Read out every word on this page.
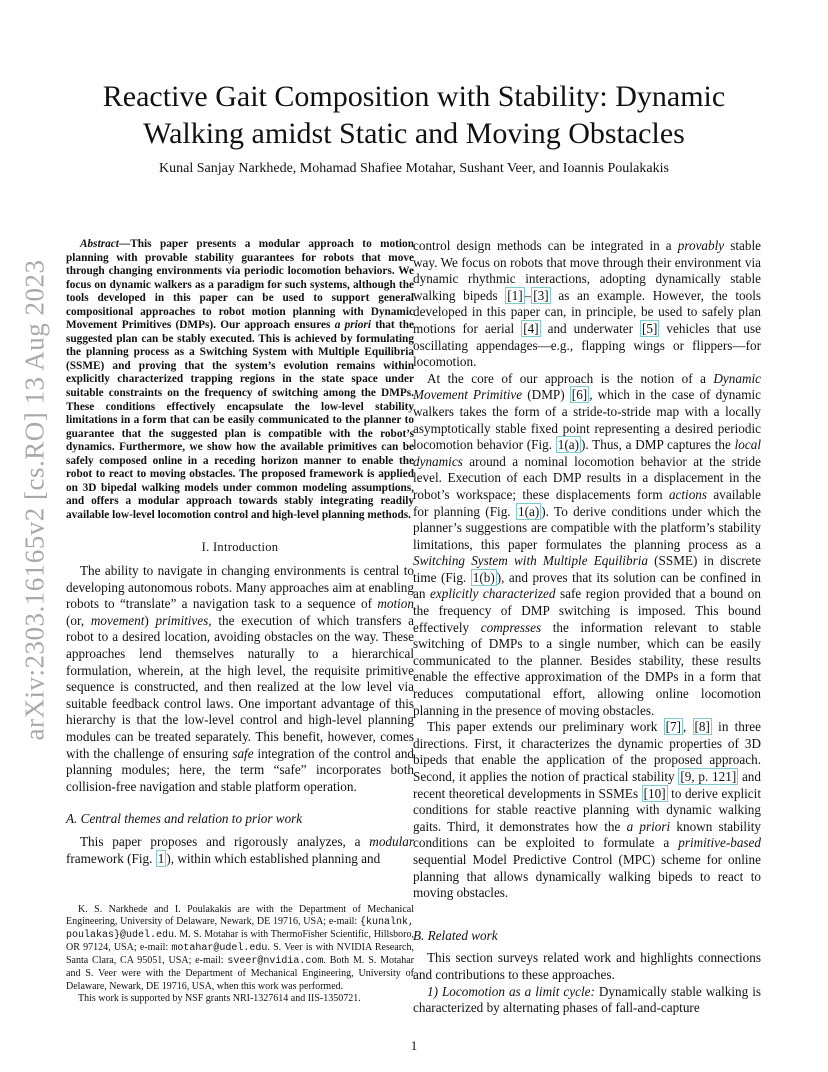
arXiv:2303.16165v2 [cs.RO] 13 Aug 2023
Reactive Gait Composition with Stability: Dynamic Walking amidst Static and Moving Obstacles
Kunal Sanjay Narkhede, Mohamad Shafiee Motahar, Sushant Veer, and Ioannis Poulakakis

Abstract—This paper presents a modular approach to motion planning with provable stability guarantees for robots that move through changing environments via periodic locomotion behaviors. We focus on dynamic walkers as a paradigm for such systems, although the tools developed in this paper can be used to support general compositional approaches to robot motion planning with Dynamic Movement Primitives (DMPs). Our approach ensures a priori that the suggested plan can be stably executed. This is achieved by formulating the planning process as a Switching System with Multiple Equilibria (SSME) and proving that the system’s evolution remains within explicitly characterized trapping regions in the state space under suitable constraints on the frequency of switching among the DMPs. These conditions effectively encapsulate the low-level stability limitations in a form that can be easily communicated to the planner to guarantee that the suggested plan is compatible with the robot’s dynamics. Furthermore, we show how the available primitives can be safely composed online in a receding horizon manner to enable the robot to react to moving obstacles. The proposed framework is applied on 3D bipedal walking models under common modeling assumptions, and offers a modular approach towards stably integrating readily available low-level locomotion control and high-level planning methods.

I. Introduction

The ability to navigate in changing environments is central to developing autonomous robots. Many approaches aim at enabling robots to “translate” a navigation task to a sequence of motion (or, movement) primitives, the execution of which transfers a robot to a desired location, avoiding obstacles on the way. These approaches lend themselves naturally to a hierarchical formulation, wherein, at the high level, the requisite primitive sequence is constructed, and then realized at the low level via suitable feedback control laws. One important advantage of this hierarchy is that the low-level control and high-level planning modules can be treated separately. This benefit, however, comes with the challenge of ensuring safe integration of the control and planning modules; here, the term “safe” incorporates both collision-free navigation and stable platform operation.

A. Central themes and relation to prior work

This paper proposes and rigorously analyzes, a modular framework (Fig. 1 ), within which established planning and

K. S. Narkhede and I. Poulakakis are with the Department of Mechanical Engineering, University of Delaware, Newark, DE 19716, USA; e-mail: {kunalnk, poulakas}@udel.edu. M. S. Motahar is with ThermoFisher Scientific, Hillsboro, OR 97124, USA; e-mail: motahar@udel.edu. S. Veer is with NVIDIA Research, Santa Clara, CA 95051, USA; e-mail: sveer@nvidia.com. Both M. S. Motahar and S. Veer were with the Department of Mechanical Engineering, University of Delaware, Newark, DE 19716, USA, when this work was performed.

This work is supported by NSF grants NRI-1327614 and IIS-1350721.

control design methods can be integrated in a provably stable way. We focus on robots that move through their environment via dynamic rhythmic interactions, adopting dynamically stable walking bipeds [1] – [3] as an example. However, the tools developed in this paper can, in principle, be used to safely plan motions for aerial [4] and underwater [5] vehicles that use oscillating appendages—e.g., flapping wings or flippers—for locomotion.

At the core of our approach is the notion of a Dynamic Movement Primitive (DMP) [6] , which in the case of dynamic walkers takes the form of a stride-to-stride map with a locally asymptotically stable fixed point representing a desired periodic locomotion behavior (Fig. 1(a) ). Thus, a DMP captures the local dynamics around a nominal locomotion behavior at the stride level. Execution of each DMP results in a displacement in the robot’s workspace; these displacements form actions available for planning (Fig. 1(a) ). To derive conditions under which the planner’s suggestions are compatible with the platform’s stability limitations, this paper formulates the planning process as a Switching System with Multiple Equilibria (SSME) in discrete time (Fig. 1(b) ), and proves that its solution can be confined in an explicitly characterized safe region provided that a bound on the frequency of DMP switching is imposed. This bound effectively compresses the information relevant to stable switching of DMPs to a single number, which can be easily communicated to the planner. Besides stability, these results enable the effective approximation of the DMPs in a form that reduces computational effort, allowing online locomotion planning in the presence of moving obstacles.

This paper extends our preliminary work [7] , [8] in three directions. First, it characterizes the dynamic properties of 3D bipeds that enable the application of the proposed approach. Second, it applies the notion of practical stability [9, p. 121] and recent theoretical developments in SSMEs [10] to derive explicit conditions for stable reactive planning with dynamic walking gaits. Third, it demonstrates how the a priori known stability conditions can be exploited to formulate a primitive-based sequential Model Predictive Control (MPC) scheme for online planning that allows dynamically walking bipeds to react to moving obstacles.

B. Related work

This section surveys related work and highlights connections and contributions to these approaches.

1) Locomotion as a limit cycle: Dynamically stable walking is characterized by alternating phases of fall-and-capture

1
